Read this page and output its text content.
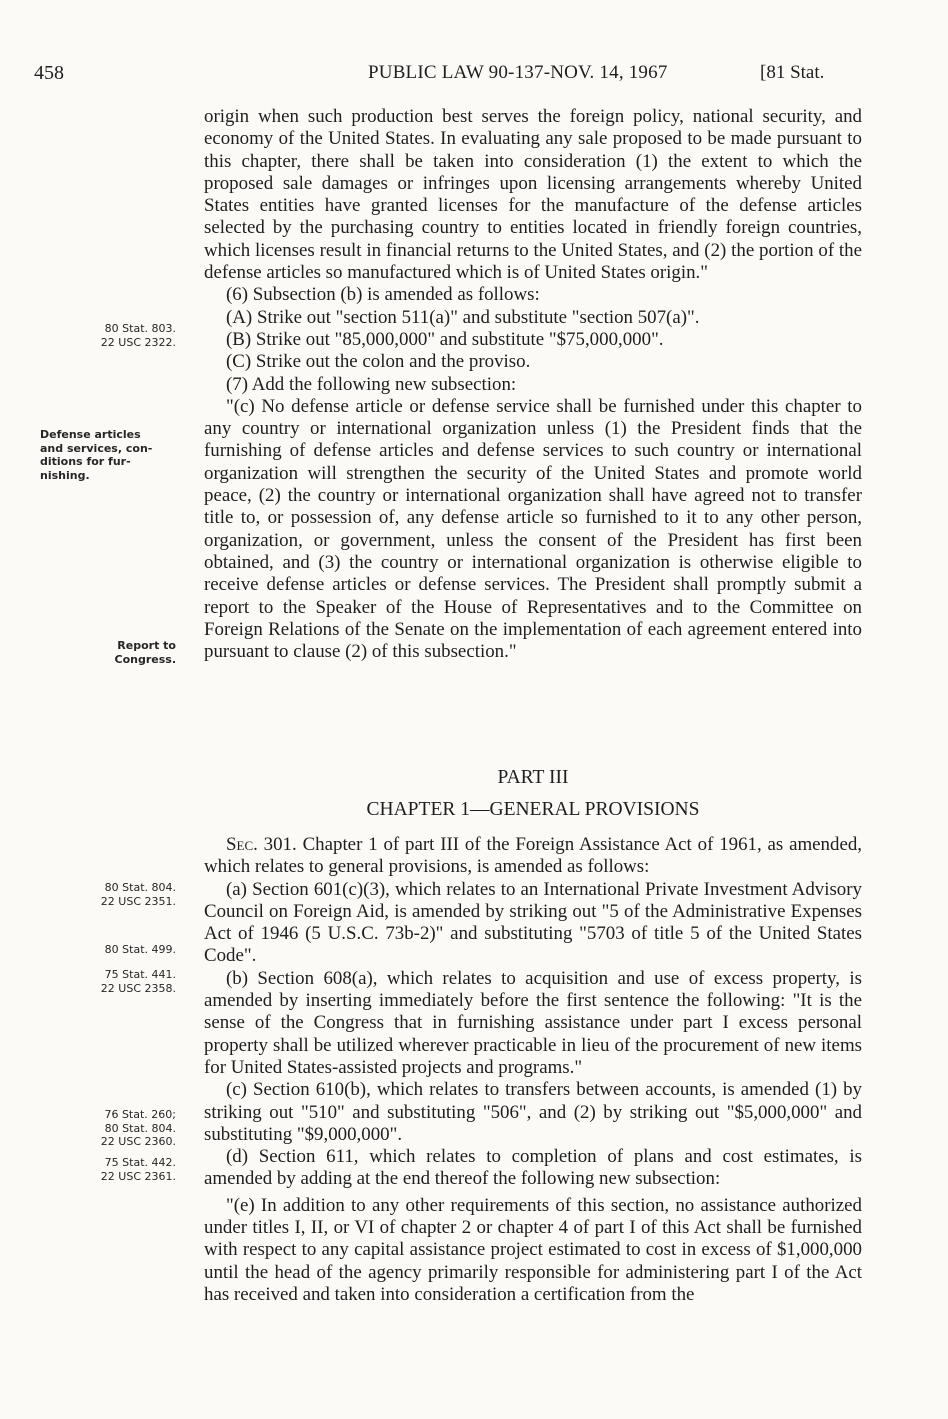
458	PUBLIC LAW 90-137-NOV. 14, 1967	[81 Stat.
80 Stat. 803.
22 USC 2322.
Defense articles
and services, con-
ditions for fur-
nishing.
Report to
Congress.
80 Stat. 804.
22 USC 2351.
80 Stat. 499.
75 Stat. 441.
22 USC 2358.
76 Stat. 260;
80 Stat. 804.
22 USC 2360.
75 Stat. 442.
22 USC 2361.

origin when such production best serves the foreign policy, national security, and economy of the United States. In evaluating any sale proposed to be made pursuant to this chapter, there shall be taken into consideration (1) the extent to which the proposed sale damages or infringes upon licensing arrangements whereby United States entities have granted licenses for the manufacture of the defense articles selected by the purchasing country to entities located in friendly foreign countries, which licenses result in financial returns to the United States, and (2) the portion of the defense articles so manufactured which is of United States origin."

(6) Subsection (b) is amended as follows:

(A) Strike out "section 511(a)" and substitute "section 507(a)".

(B) Strike out "85,000,000" and substitute "$75,000,000".

(C) Strike out the colon and the proviso.

(7) Add the following new subsection:

"(c) No defense article or defense service shall be furnished under this chapter to any country or international organization unless (1) the President finds that the furnishing of defense articles and defense services to such country or international organization will strengthen the security of the United States and promote world peace, (2) the country or international organization shall have agreed not to transfer title to, or possession of, any defense article so furnished to it to any other person, organization, or government, unless the consent of the President has first been obtained, and (3) the country or international organization is otherwise eligible to receive defense articles or defense services. The President shall promptly submit a report to the Speaker of the House of Representatives and to the Committee on Foreign Relations of the Senate on the implementation of each agreement entered into pursuant to clause (2) of this subsection."

PART III

CHAPTER 1—GENERAL PROVISIONS

Sec. 301. Chapter 1 of part III of the Foreign Assistance Act of 1961, as amended, which relates to general provisions, is amended as follows:

(a) Section 601(c)(3), which relates to an International Private Investment Advisory Council on Foreign Aid, is amended by striking out "5 of the Administrative Expenses Act of 1946 (5 U.S.C. 73b-2)" and substituting "5703 of title 5 of the United States Code".

(b) Section 608(a), which relates to acquisition and use of excess property, is amended by inserting immediately before the first sentence the following: "It is the sense of the Congress that in furnishing assistance under part I excess personal property shall be utilized wherever practicable in lieu of the procurement of new items for United States-assisted projects and programs."

(c) Section 610(b), which relates to transfers between accounts, is amended (1) by striking out "510" and substituting "506", and (2) by striking out "$5,000,000" and substituting "$9,000,000".

(d) Section 611, which relates to completion of plans and cost estimates, is amended by adding at the end thereof the following new subsection:

"(e) In addition to any other requirements of this section, no assistance authorized under titles I, II, or VI of chapter 2 or chapter 4 of part I of this Act shall be furnished with respect to any capital assistance project estimated to cost in excess of $1,000,000 until the head of the agency primarily responsible for administering part I of the Act has received and taken into consideration a certification from the
